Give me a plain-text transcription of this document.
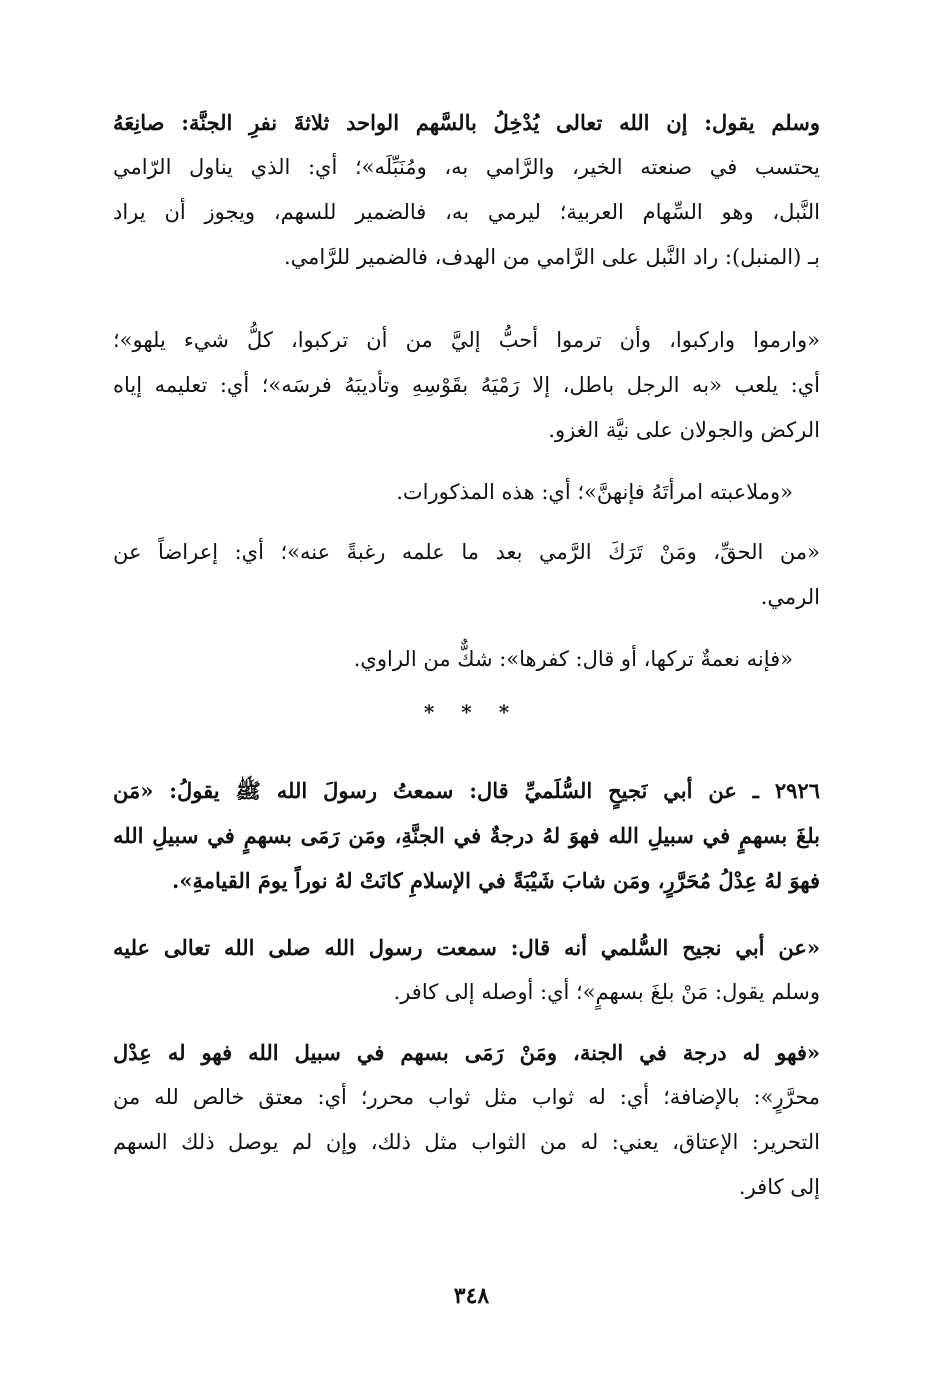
وسلم يقول: إن الله تعالى يُدْخِلُ بالسَّهم الواحد ثلاثةَ نفرِ الجنَّة: صانِعَهُ
يحتسب في صنعته الخير، والرَّامي به، ومُنَبِّلَه»؛ أي: الذي يناول الرّامي
النَّبل، وهو السِّهام العربية؛ ليرمي به، فالضمير للسهم، ويجوز أن يراد
بـ (المنبل): راد النَّبل على الرَّامي من الهدف، فالضمير للرَّامي.
«وارموا واركبوا، وأن ترموا أحبُّ إليَّ من أن تركبوا، كلُّ شيء يلهو»؛
أي: يلعب «به الرجل باطل، إلا رَمْيَهُ بقَوْسِهِ وتأديبَهُ فرسَه»؛ أي: تعليمه إياه
الركض والجولان على نيَّة الغزو.
«وملاعبته امرأتَهُ فإنهنَّ»؛ أي: هذه المذكورات.
«من الحقِّ، ومَنْ تَرَكَ الرَّمي بعد ما علمه رغبةً عنه»؛ أي: إعراضاً عن
الرمي.
«فإنه نعمةٌ تركها، أو قال: كفرها»: شكٌّ من الراوي.
* * *
٢٩٢٦ ـ عن أبي نَجيحٍ السُّلَميِّ قال: سمعتُ رسولَ الله ﷺ يقولُ: «مَن
بلغَ بسهمٍ في سبيلِ الله فهوَ لهُ درجةٌ في الجنَّةِ، ومَن رَمَى بسهمٍ في سبيلِ الله
فهوَ لهُ عِدْلُ مُحَرَّرٍ، ومَن شابَ شَيْبَةً في الإسلامِ كانَتْ لهُ نوراً يومَ القيامةِ».
«عن أبي نجيح السُّلمي أنه قال: سمعت رسول الله صلى الله تعالى عليه
وسلم يقول: مَنْ بلغَ بسهمٍ»؛ أي: أوصله إلى كافر.
«فهو له درجة في الجنة، ومَنْ رَمَى بسهم في سبيل الله فهو له عِدْل
محرَّرٍ»: بالإضافة؛ أي: له ثواب مثل ثواب محرر؛ أي: معتق خالص لله من
التحرير: الإعتاق، يعني: له من الثواب مثل ذلك، وإن لم يوصل ذلك السهم
إلى كافر.
٣٤٨
